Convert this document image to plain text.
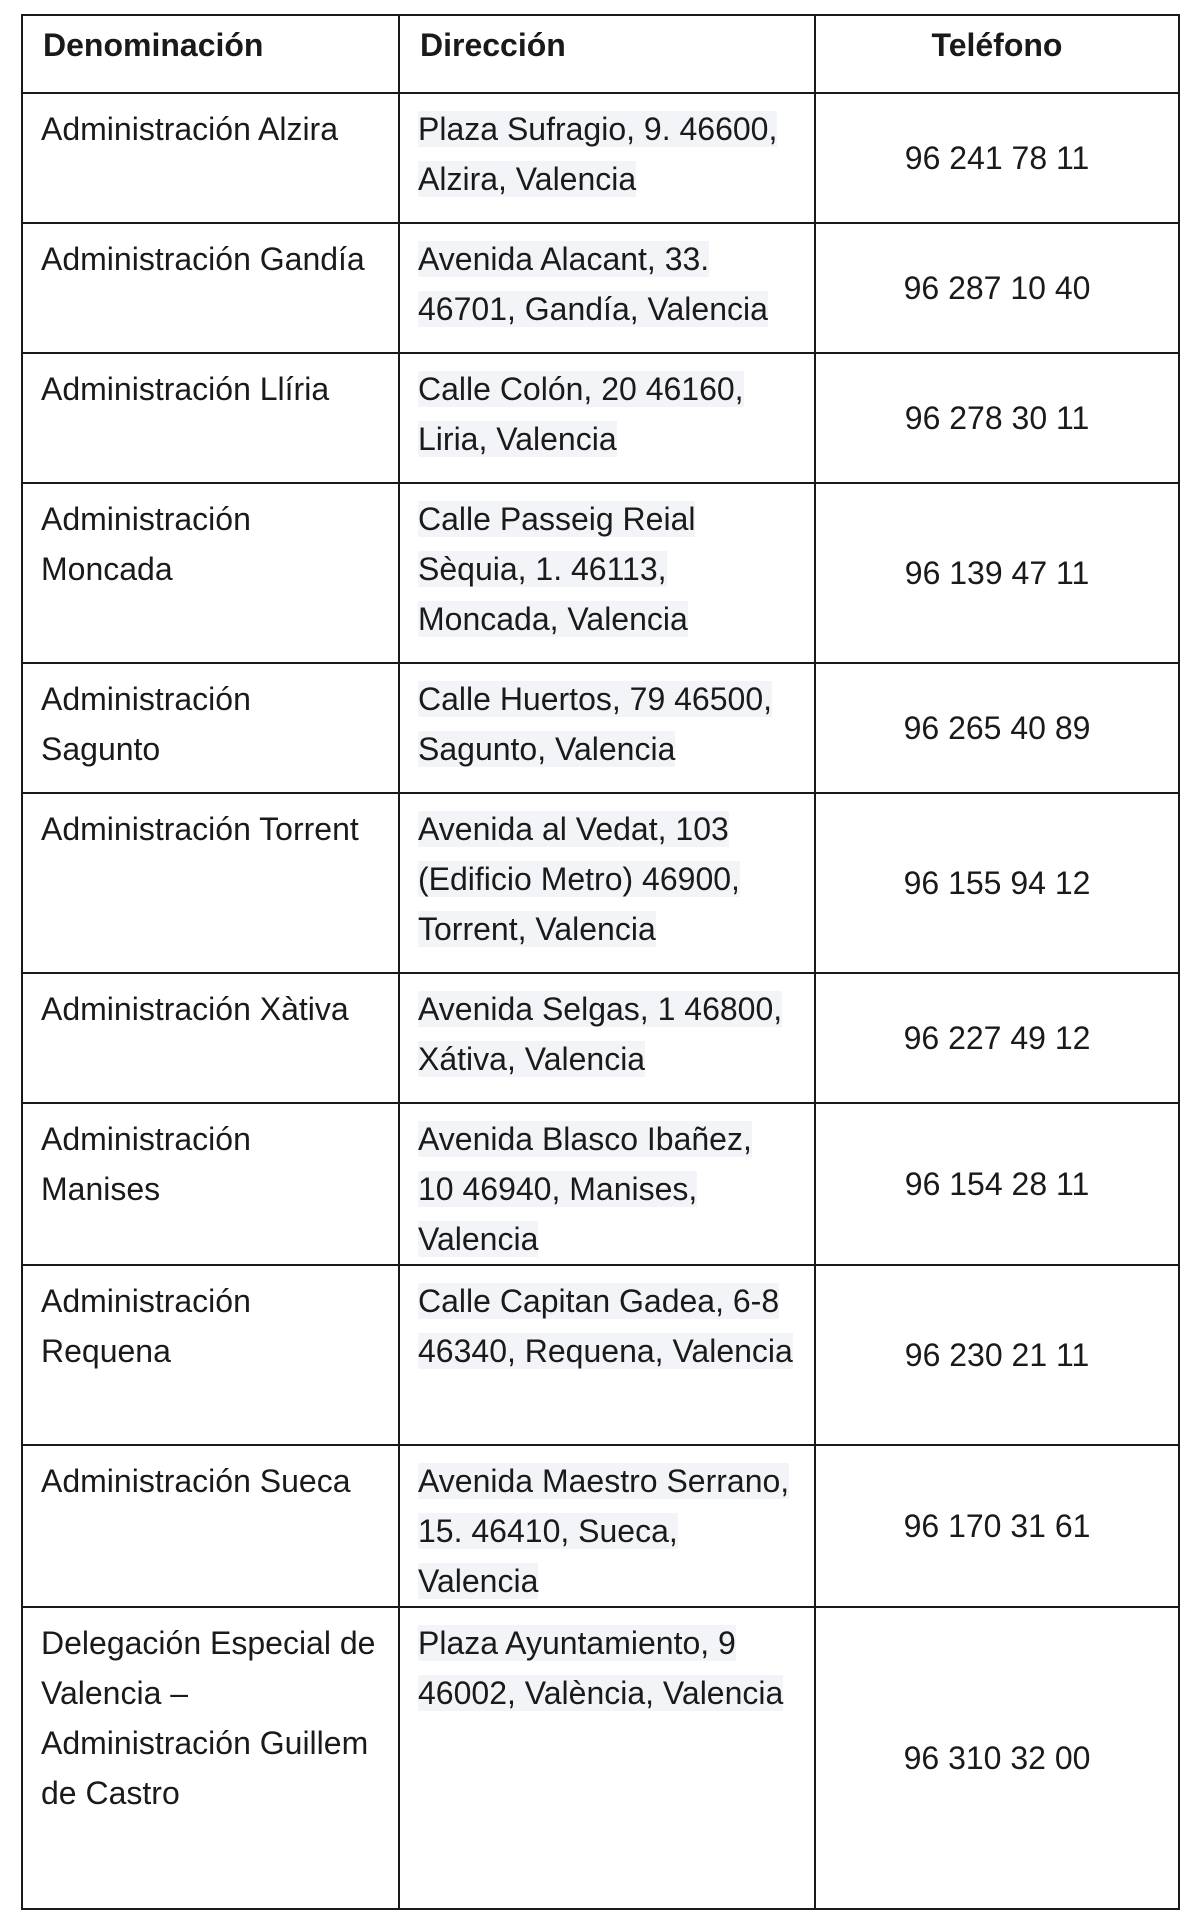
Denominación	Dirección	Teléfono
Administración Alzira	Plaza Sufragio, 9. 46600, Alzira, Valencia	96 241 78 11
Administración Gandía	Avenida Alacant, 33. 46701, Gandía, Valencia	96 287 10 40
Administración Llíria	Calle Colón, 20 46160, Liria, Valencia	96 278 30 11
Administración Moncada	Calle Passeig Reial Sèquia, 1. 46113, Moncada, Valencia	96 139 47 11
Administración Sagunto	Calle Huertos, 79 46500, Sagunto, Valencia	96 265 40 89
Administración Torrent	Avenida al Vedat, 103 (Edificio Metro) 46900, Torrent, Valencia	96 155 94 12
Administración Xàtiva	Avenida Selgas, 1 46800, Xátiva, Valencia	96 227 49 12
Administración Manises	Avenida Blasco Ibañez, 10 46940, Manises, Valencia	96 154 28 11
Administración Requena	Calle Capitan Gadea, 6-8 46340, Requena, Valencia	96 230 21 11
Administración Sueca	Avenida Maestro Serrano, 15. 46410, Sueca, Valencia	96 170 31 61
Delegación Especial de Valencia – Administración Guillem de Castro	Plaza Ayuntamiento, 9 46002, València, Valencia	96 310 32 00
